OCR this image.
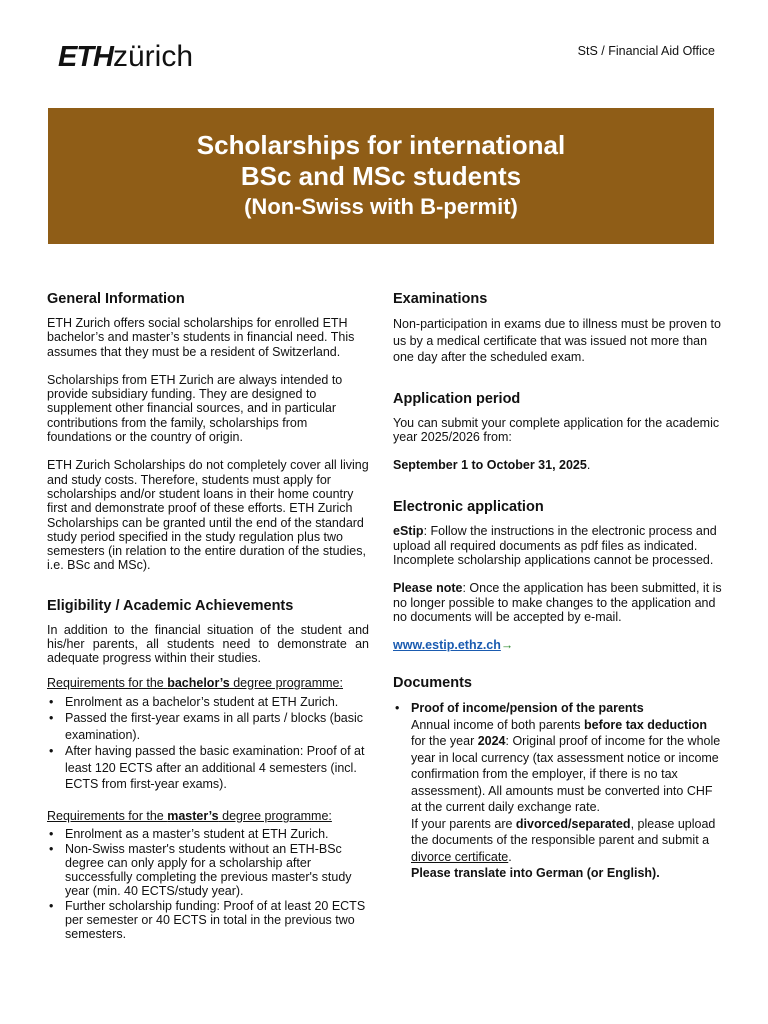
ETHzürich	StS / Financial Aid Office
Scholarships for international
BSc and MSc students
(Non-Swiss with B-permit)
General Information

ETH Zurich offers social scholarships for enrolled ETH bachelor’s and master’s students in financial need. This assumes that they must be a resident of Switzerland.

Scholarships from ETH Zurich are always intended to provide subsidiary funding. They are designed to supplement other financial sources, and in particular contributions from the family, scholarships from foundations or the country of origin.

ETH Zurich Scholarships do not completely cover all living and study costs. Therefore, students must apply for scholarships and/or student loans in their home country first and demonstrate proof of these efforts. ETH Zurich Scholarships can be granted until the end of the standard study period specified in the study regulation plus two semesters (in relation to the entire duration of the studies, i.e. BSc and MSc).

Eligibility / Academic Achievements

In addition to the financial situation of the student and his/her parents, all students need to demonstrate an adequate progress within their studies.

Requirements for the bachelor’s degree programme:

• Enrolment as a bachelor’s student at ETH Zurich.
• Passed the first-year exams in all parts / blocks (basic examination).
• After having passed the basic examination: Proof of at least 120 ECTS after an additional 4 semesters (incl. ECTS from first-year exams).

Requirements for the master’s degree programme:

• Enrolment as a master’s student at ETH Zurich.
• Non-Swiss master's students without an ETH-BSc degree can only apply for a scholarship after successfully completing the previous master's study year (min. 40 ECTS/study year).
• Further scholarship funding: Proof of at least 20 ECTS per semester or 40 ECTS in total in the previous two semesters.
Examinations

Non-participation in exams due to illness must be proven to us by a medical certificate that was issued not more than one day after the scheduled exam.

Application period

You can submit your complete application for the academic year 2025/2026 from:

September 1 to October 31, 2025.

Electronic application

eStip: Follow the instructions in the electronic process and upload all required documents as pdf files as indicated. Incomplete scholarship applications cannot be processed.

Please note: Once the application has been submitted, it is no longer possible to make changes to the application and no documents will be accepted by e-mail.

www.estip.ethz.ch→

Documents
• Proof of income/pension of the parents
Annual income of both parents before tax deduction for the year 2024: Original proof of income for the whole year in local currency (tax assessment notice or income confirmation from the employer, if there is no tax assessment). All amounts must be converted into CHF at the current daily exchange rate.
If your parents are divorced/separated, please upload the documents of the responsible parent and submit a divorce certificate.
Please translate into German (or English).
